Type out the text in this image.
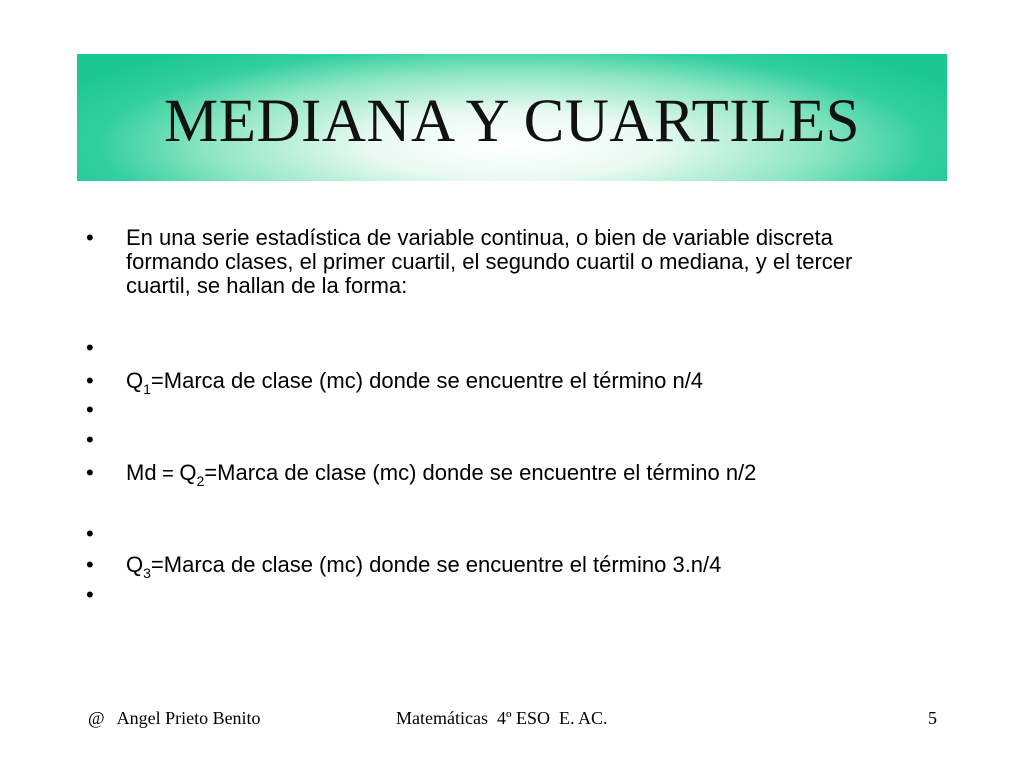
MEDIANA Y CUARTILES
•	En una serie estadística de variable continua, o bien de variable discreta formando clases, el primer cuartil, el segundo cuartil o mediana, y el tercer cuartil, se hallan de la forma:
•
•	$Q_1=Marca$ de clase (mc) donde se encuentre el término n/4
•
•
•	$Md = Q_2=Marca$ de clase (mc) donde se encuentre el término n/2
•
•	$Q_3=Marca$ de clase (mc) donde se encuentre el término 3.n/4
•
@ Angel Prieto Benito	Matemáticas  4º ESO  E. AC.	5
